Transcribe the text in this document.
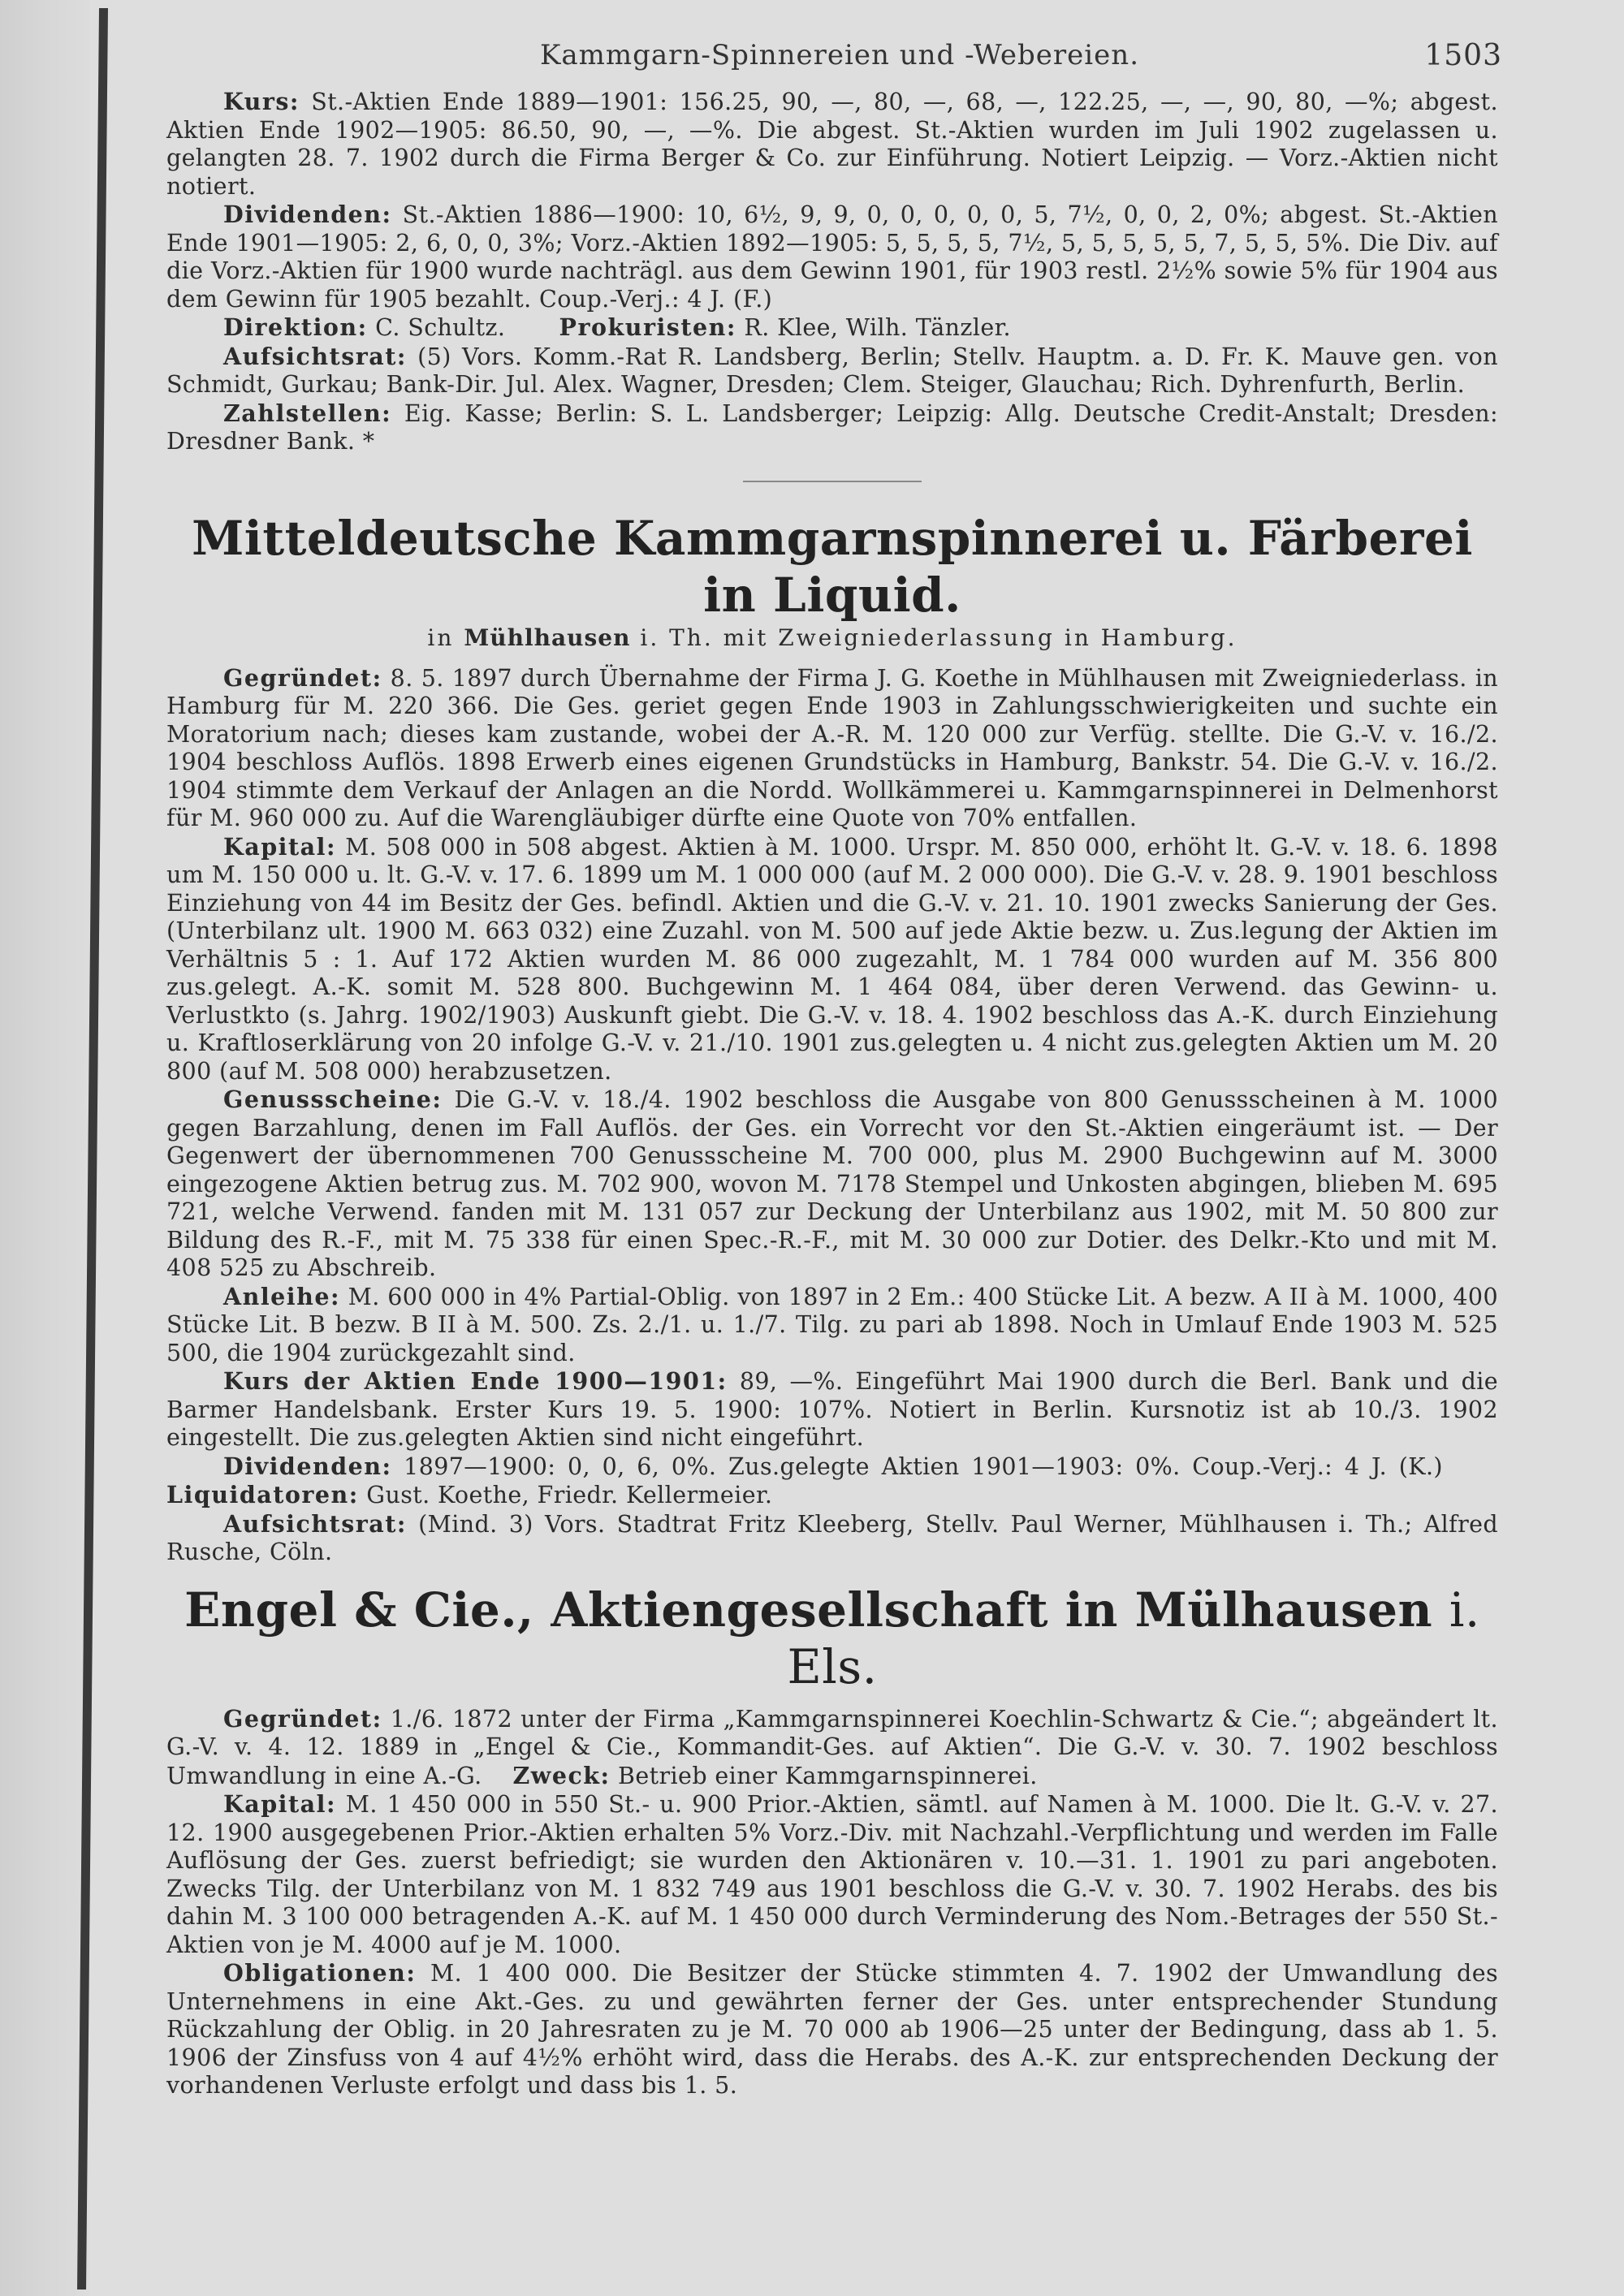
Kammgarn-Spinnereien und -Webereien.	1503

Kurs: St.-Aktien Ende 1889—1901: 156.25, 90, —, 80, —, 68, —, 122.25, —, —, 90, 80, —%; abgest. Aktien Ende 1902—1905: 86.50, 90, —, —%. Die abgest. St.-Aktien wurden im Juli 1902 zugelassen u. gelangten 28. 7. 1902 durch die Firma Berger & Co. zur Einführung. Notiert Leipzig. — Vorz.-Aktien nicht notiert.

Dividenden: St.-Aktien 1886—1900: 10, 6½, 9, 9, 0, 0, 0, 0, 0, 5, 7½, 0, 0, 2, 0%; abgest. St.-Aktien Ende 1901—1905: 2, 6, 0, 0, 3%; Vorz.-Aktien 1892—1905: 5, 5, 5, 5, 7½, 5, 5, 5, 5, 5, 7, 5, 5, 5%. Die Div. auf die Vorz.-Aktien für 1900 wurde nachträgl. aus dem Gewinn 1901, für 1903 restl. 2½% sowie 5% für 1904 aus dem Gewinn für 1905 bezahlt. Coup.-Verj.: 4 J. (F.)

Direktion: C. Schultz. Prokuristen: R. Klee, Wilh. Tänzler.

Aufsichtsrat: (5) Vors. Komm.-Rat R. Landsberg, Berlin; Stellv. Hauptm. a. D. Fr. K. Mauve gen. von Schmidt, Gurkau; Bank-Dir. Jul. Alex. Wagner, Dresden; Clem. Steiger, Glauchau; Rich. Dyhrenfurth, Berlin.

Zahlstellen: Eig. Kasse; Berlin: S. L. Landsberger; Leipzig: Allg. Deutsche Credit-Anstalt; Dresden: Dresdner Bank. *

Mitteldeutsche Kammgarnspinnerei u. Färberei in Liquid.
in Mühlhausen i. Th. mit Zweigniederlassung in Hamburg.

Gegründet: 8. 5. 1897 durch Übernahme der Firma J. G. Koethe in Mühlhausen mit Zweigniederlass. in Hamburg für M. 220 366. Die Ges. geriet gegen Ende 1903 in Zahlungsschwierigkeiten und suchte ein Moratorium nach; dieses kam zustande, wobei der A.-R. M. 120 000 zur Verfüg. stellte. Die G.-V. v. 16./2. 1904 beschloss Auflös. 1898 Erwerb eines eigenen Grundstücks in Hamburg, Bankstr. 54. Die G.-V. v. 16./2. 1904 stimmte dem Verkauf der Anlagen an die Nordd. Wollkämmerei u. Kammgarnspinnerei in Delmenhorst für M. 960 000 zu. Auf die Warengläubiger dürfte eine Quote von 70% entfallen.

Kapital: M. 508 000 in 508 abgest. Aktien à M. 1000. Urspr. M. 850 000, erhöht lt. G.-V. v. 18. 6. 1898 um M. 150 000 u. lt. G.-V. v. 17. 6. 1899 um M. 1 000 000 (auf M. 2 000 000). Die G.-V. v. 28. 9. 1901 beschloss Einziehung von 44 im Besitz der Ges. befindl. Aktien und die G.-V. v. 21. 10. 1901 zwecks Sanierung der Ges. (Unterbilanz ult. 1900 M. 663 032) eine Zuzahl. von M. 500 auf jede Aktie bezw. u. Zus.legung der Aktien im Verhältnis 5 : 1. Auf 172 Aktien wurden M. 86 000 zugezahlt, M. 1 784 000 wurden auf M. 356 800 zus.gelegt. A.-K. somit M. 528 800. Buchgewinn M. 1 464 084, über deren Verwend. das Gewinn- u. Verlustkto (s. Jahrg. 1902/1903) Auskunft giebt. Die G.-V. v. 18. 4. 1902 beschloss das A.-K. durch Einziehung u. Kraftloserklärung von 20 infolge G.-V. v. 21./10. 1901 zus.gelegten u. 4 nicht zus.gelegten Aktien um M. 20 800 (auf M. 508 000) herabzusetzen.

Genussscheine: Die G.-V. v. 18./4. 1902 beschloss die Ausgabe von 800 Genussscheinen à M. 1000 gegen Barzahlung, denen im Fall Auflös. der Ges. ein Vorrecht vor den St.-Aktien eingeräumt ist. — Der Gegenwert der übernommenen 700 Genussscheine M. 700 000, plus M. 2900 Buchgewinn auf M. 3000 eingezogene Aktien betrug zus. M. 702 900, wovon M. 7178 Stempel und Unkosten abgingen, blieben M. 695 721, welche Verwend. fanden mit M. 131 057 zur Deckung der Unterbilanz aus 1902, mit M. 50 800 zur Bildung des R.-F., mit M. 75 338 für einen Spec.-R.-F., mit M. 30 000 zur Dotier. des Delkr.-Kto und mit M. 408 525 zu Abschreib.

Anleihe: M. 600 000 in 4% Partial-Oblig. von 1897 in 2 Em.: 400 Stücke Lit. A bezw. A II à M. 1000, 400 Stücke Lit. B bezw. B II à M. 500. Zs. 2./1. u. 1./7. Tilg. zu pari ab 1898. Noch in Umlauf Ende 1903 M. 525 500, die 1904 zurückgezahlt sind.

Kurs der Aktien Ende 1900—1901: 89, —%. Eingeführt Mai 1900 durch die Berl. Bank und die Barmer Handelsbank. Erster Kurs 19. 5. 1900: 107%. Notiert in Berlin. Kursnotiz ist ab 10./3. 1902 eingestellt. Die zus.gelegten Aktien sind nicht eingeführt.

Dividenden: 1897—1900: 0, 0, 6, 0%. Zus.gelegte Aktien 1901—1903: 0%. Coup.-Verj.: 4 J. (K.)      Liquidatoren: Gust. Koethe, Friedr. Kellermeier.

Aufsichtsrat: (Mind. 3) Vors. Stadtrat Fritz Kleeberg, Stellv. Paul Werner, Mühlhausen i. Th.; Alfred Rusche, Cöln.

Engel & Cie., Aktiengesellschaft in Mülhausen i. Els.

Gegründet: 1./6. 1872 unter der Firma „Kammgarnspinnerei Koechlin-Schwartz & Cie.“; abgeändert lt. G.-V. v. 4. 12. 1889 in „Engel & Cie., Kommandit-Ges. auf Aktien“. Die G.-V. v. 30. 7. 1902 beschloss Umwandlung in eine A.-G. Zweck: Betrieb einer Kammgarnspinnerei.

Kapital: M. 1 450 000 in 550 St.- u. 900 Prior.-Aktien, sämtl. auf Namen à M. 1000. Die lt. G.-V. v. 27. 12. 1900 ausgegebenen Prior.-Aktien erhalten 5% Vorz.-Div. mit Nachzahl.-Verpflichtung und werden im Falle Auflösung der Ges. zuerst befriedigt; sie wurden den Aktionären v. 10.—31. 1. 1901 zu pari angeboten. Zwecks Tilg. der Unterbilanz von M. 1 832 749 aus 1901 beschloss die G.-V. v. 30. 7. 1902 Herabs. des bis dahin M. 3 100 000 betragenden A.-K. auf M. 1 450 000 durch Verminderung des Nom.-Betrages der 550 St.-Aktien von je M. 4000 auf je M. 1000.

Obligationen: M. 1 400 000. Die Besitzer der Stücke stimmten 4. 7. 1902 der Umwandlung des Unternehmens in eine Akt.-Ges. zu und gewährten ferner der Ges. unter entsprechender Stundung Rückzahlung der Oblig. in 20 Jahresraten zu je M. 70 000 ab 1906—25 unter der Bedingung, dass ab 1. 5. 1906 der Zinsfuss von 4 auf 4½% erhöht wird, dass die Herabs. des A.-K. zur entsprechenden Deckung der vorhandenen Verluste erfolgt und dass bis 1. 5.
